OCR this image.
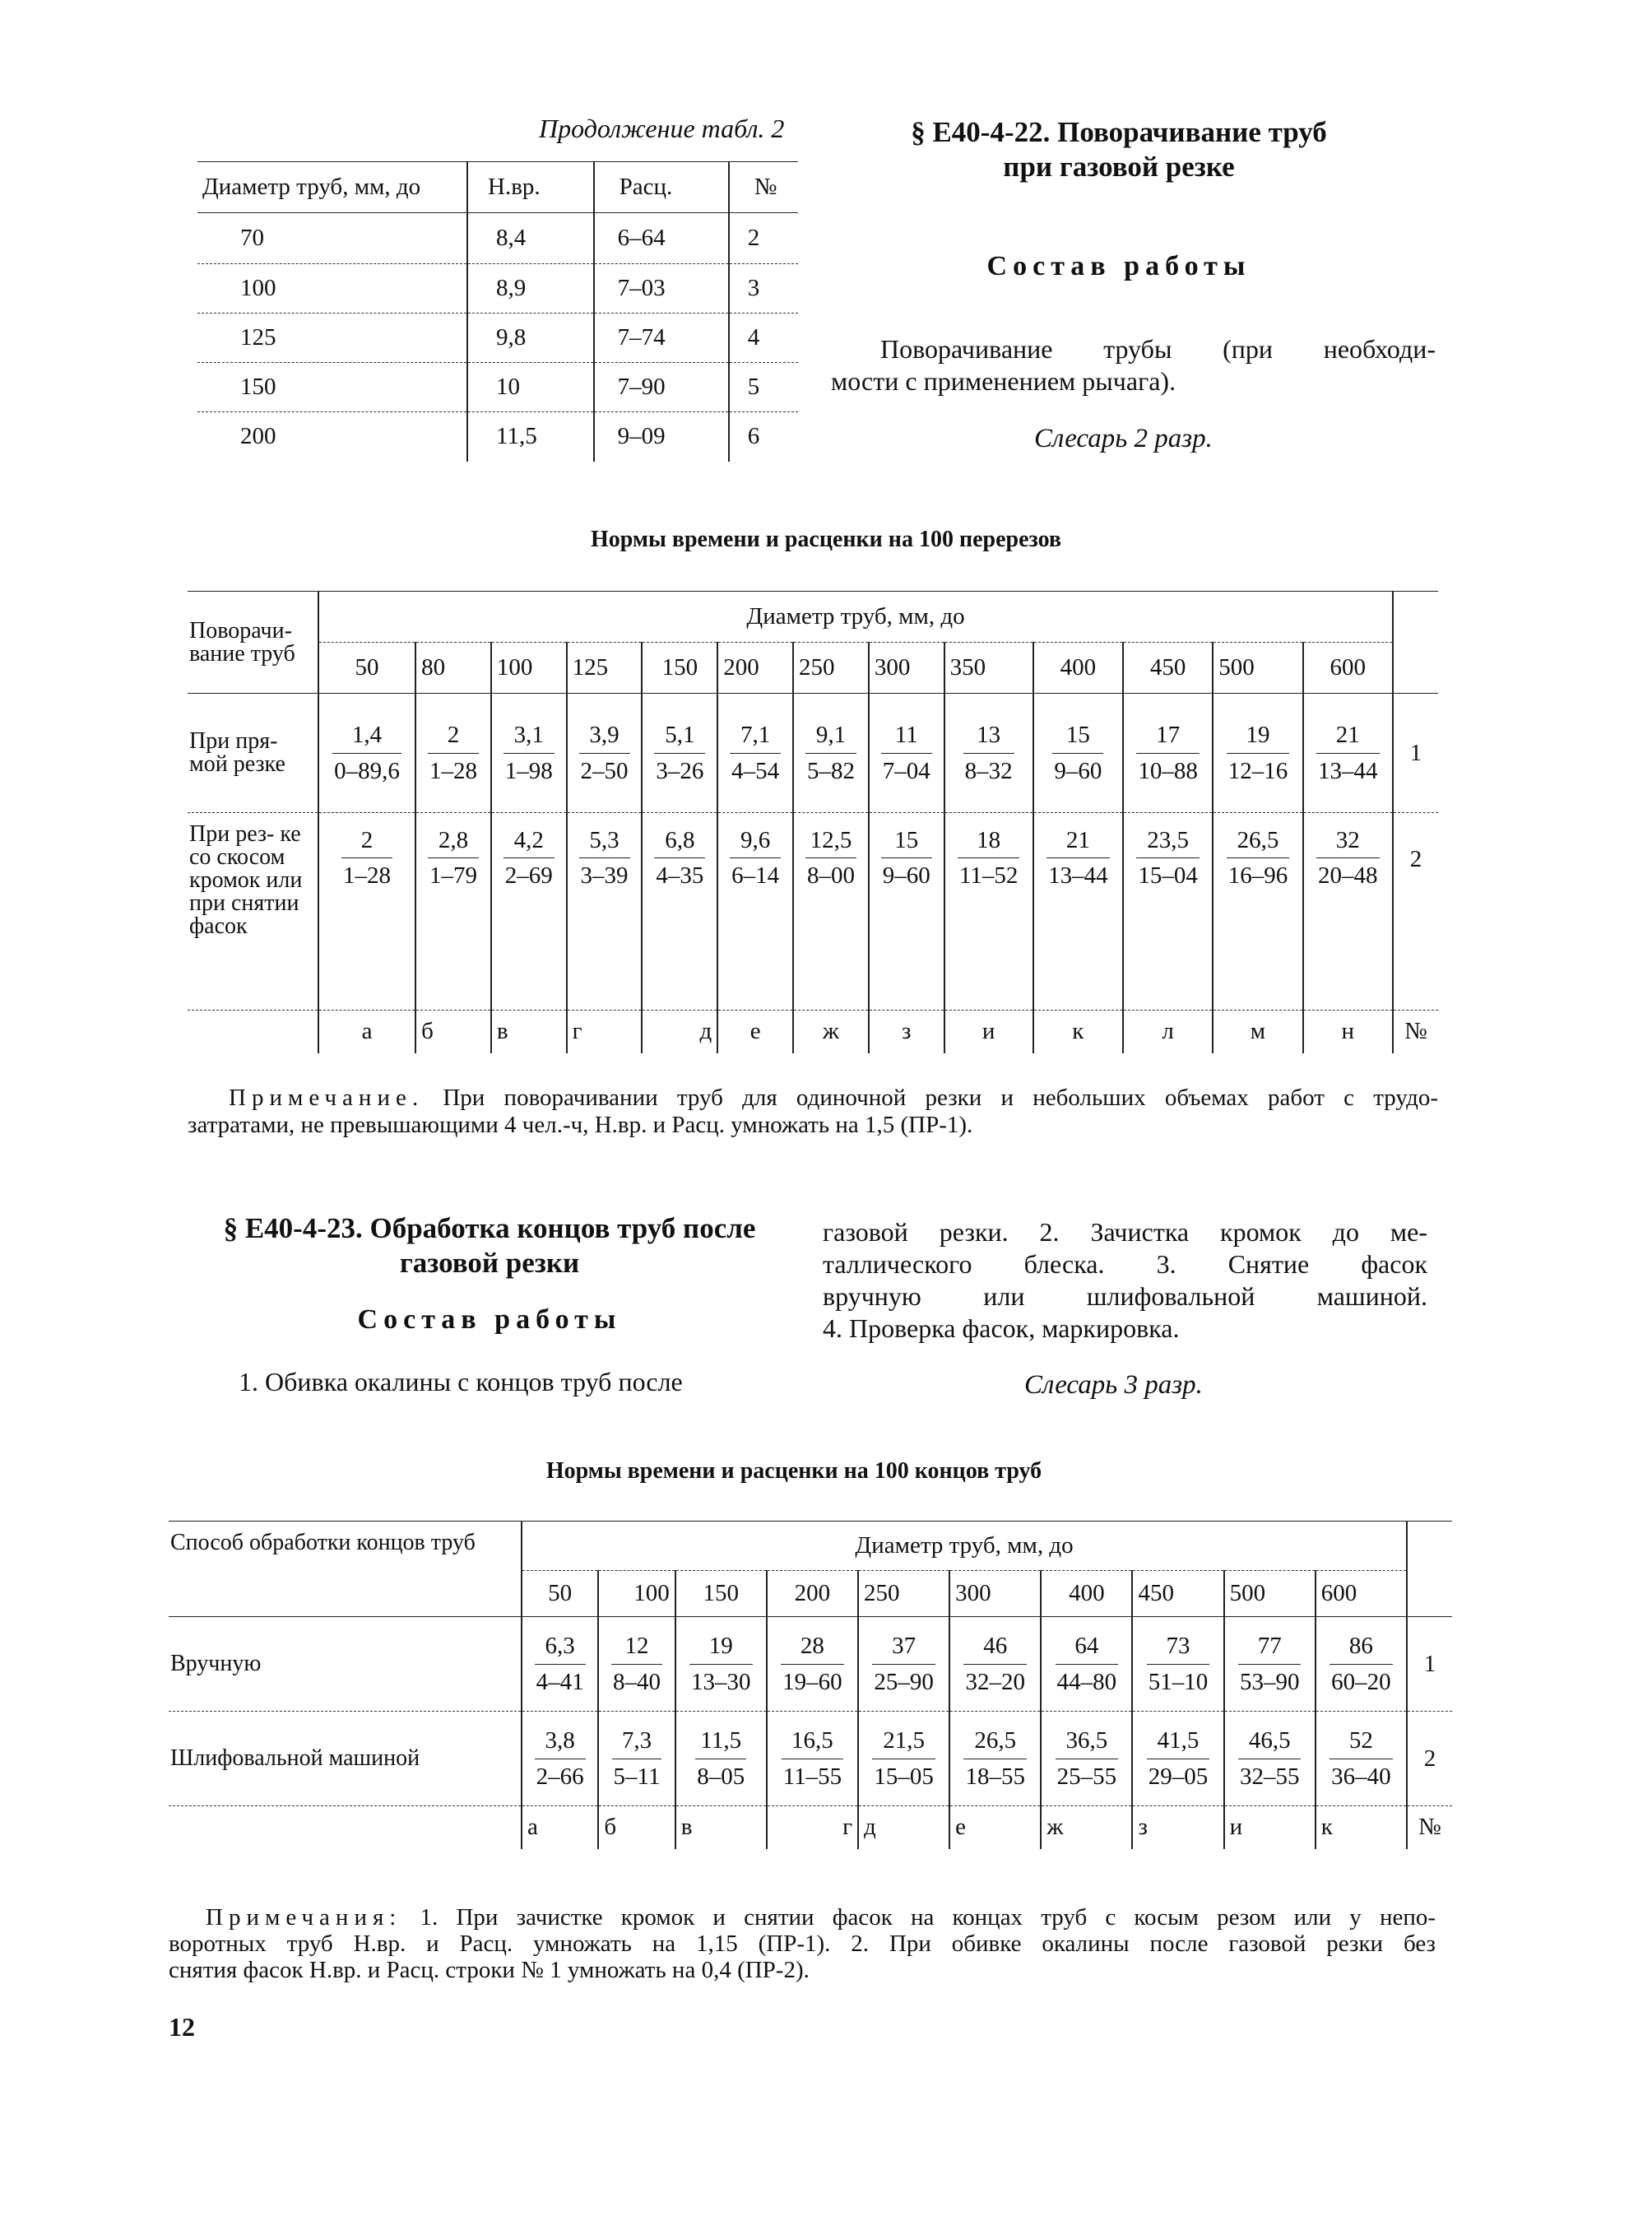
Продолжение табл. 2
Диаметр труб, мм, до	Н.вр.	Расц.	№
70	8,4	6–64	2
100	8,9	7–03	3
125	9,8	7–74	4
150	10	7–90	5
200	11,5	9–09	6
§ Е40-4-22. Поворачивание труб
при газовой резке
Состав работы

Поворачивание трубы (при необходи-

мости с применением рычага).

Слесарь 2 разр.
Нормы времени и расценки на 100 перерезов
Поворачи- вание труб	Диаметр труб, мм, до													
	50	80	100	125	150	200	250	300	350	400	450	500	600	
При пря- мой резке	$\frac{1,4}{0-89,6}$	$\frac{2}{1-28}$	$\frac{3,1}{1-98}$	$\frac{3,9}{2-50}$	$\frac{5,1}{3-26}$	$\frac{7,1}{4-54}$	$\frac{9,1}{5-82}$	$\frac{11}{7-04}$	$\frac{13}{8-32}$	$\frac{15}{9-60}$	$\frac{17}{10-88}$	$\frac{19}{12-16}$	$\frac{21}{13-44}$	1
При рез- ке со скосом кромок или при снятии фасок	$\frac{2}{1-28}$	$\frac{2,8}{1-79}$	$\frac{4,2}{2-69}$	$\frac{5,3}{3-39}$	$\frac{6,8}{4-35}$	$\frac{9,6}{6-14}$	$\frac{12,5}{8-00}$	$\frac{15}{9-60}$	$\frac{18}{11-52}$	$\frac{21}{13-44}$	$\frac{23,5}{15-04}$	$\frac{26,5}{16-96}$	$\frac{32}{20-48}$	2
	а	б	в	г	д	е	ж	з	и	к	л	м	н	№
Примечание. При поворачивании труб для одиночной резки и небольших объемах работ с трудо-
затратами, не превышающими 4 чел.-ч, Н.вр. и Расц. умножать на 1,5 (ПР-1).
§ Е40-4-23. Обработка концов труб после
газовой резки
Состав работы

1. Обивка окалины с концов труб после

газовой резки. 2. Зачистка кромок до ме-

таллического блеска. 3. Снятие фасок

вручную или шлифовальной машиной.

4. Проверка фасок, маркировка.

Слесарь 3 разр.
Нормы времени и расценки на 100 концов труб
Способ обработки концов труб	Диаметр труб, мм, до										
	50	100	150	200	250	300	400	450	500	600	
Вручную	$\frac{6,3}{4-41}$	$\frac{12}{8-40}$	$\frac{19}{13-30}$	$\frac{28}{19-60}$	$\frac{37}{25-90}$	$\frac{46}{32-20}$	$\frac{64}{44-80}$	$\frac{73}{51-10}$	$\frac{77}{53-90}$	$\frac{86}{60-20}$	1
Шлифовальной машиной	$\frac{3,8}{2-66}$	$\frac{7,3}{5-11}$	$\frac{11,5}{8-05}$	$\frac{16,5}{11-55}$	$\frac{21,5}{15-05}$	$\frac{26,5}{18-55}$	$\frac{36,5}{25-55}$	$\frac{41,5}{29-05}$	$\frac{46,5}{32-55}$	$\frac{52}{36-40}$	2
	а	б	в	г	д	е	ж	з	и	к	№
Примечания: 1. При зачистке кромок и снятии фасок на концах труб с косым резом или у непо-
воротных труб Н.вр. и Расц. умножать на 1,15 (ПР-1). 2. При обивке окалины после газовой резки без
снятия фасок Н.вр. и Расц. строки № 1 умножать на 0,4 (ПР-2).
12
